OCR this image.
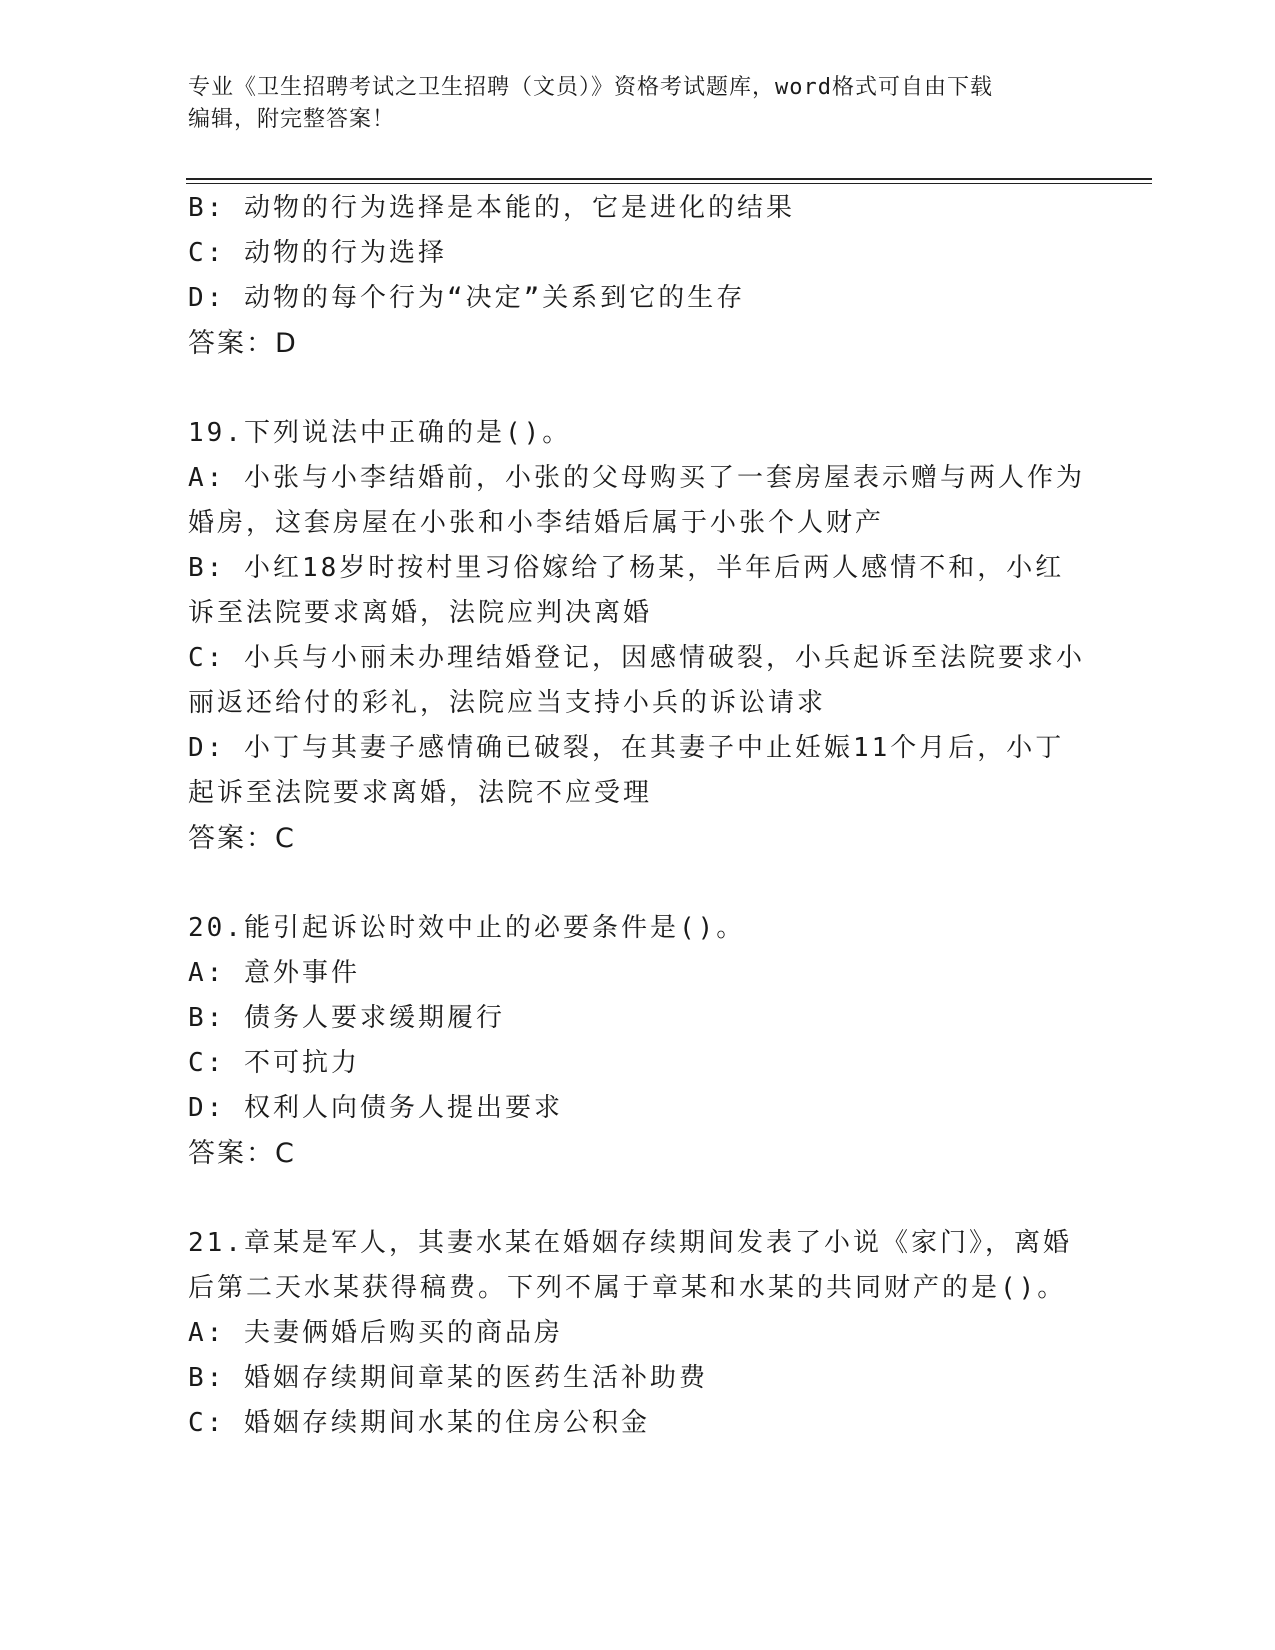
专业《卫生招聘考试之卫生招聘（文员）》资格考试题库，word格式可自由下载
编辑，附完整答案！
B: 动物的行为选择是本能的，它是进化的结果
C: 动物的行为选择
D: 动物的每个行为“决定”关系到它的生存
答案：D
19.下列说法中正确的是()。
A: 小张与小李结婚前，小张的父母购买了一套房屋表示赠与两人作为
婚房，这套房屋在小张和小李结婚后属于小张个人财产
B: 小红18岁时按村里习俗嫁给了杨某，半年后两人感情不和，小红
诉至法院要求离婚，法院应判决离婚
C: 小兵与小丽未办理结婚登记，因感情破裂，小兵起诉至法院要求小
丽返还给付的彩礼，法院应当支持小兵的诉讼请求
D: 小丁与其妻子感情确已破裂，在其妻子中止妊娠11个月后，小丁
起诉至法院要求离婚，法院不应受理
答案：C
20.能引起诉讼时效中止的必要条件是()。
A: 意外事件
B: 债务人要求缓期履行
C: 不可抗力
D: 权利人向债务人提出要求
答案：C
21.章某是军人，其妻水某在婚姻存续期间发表了小说《家门》，离婚
后第二天水某获得稿费。下列不属于章某和水某的共同财产的是()。
A: 夫妻俩婚后购买的商品房
B: 婚姻存续期间章某的医药生活补助费
C: 婚姻存续期间水某的住房公积金
